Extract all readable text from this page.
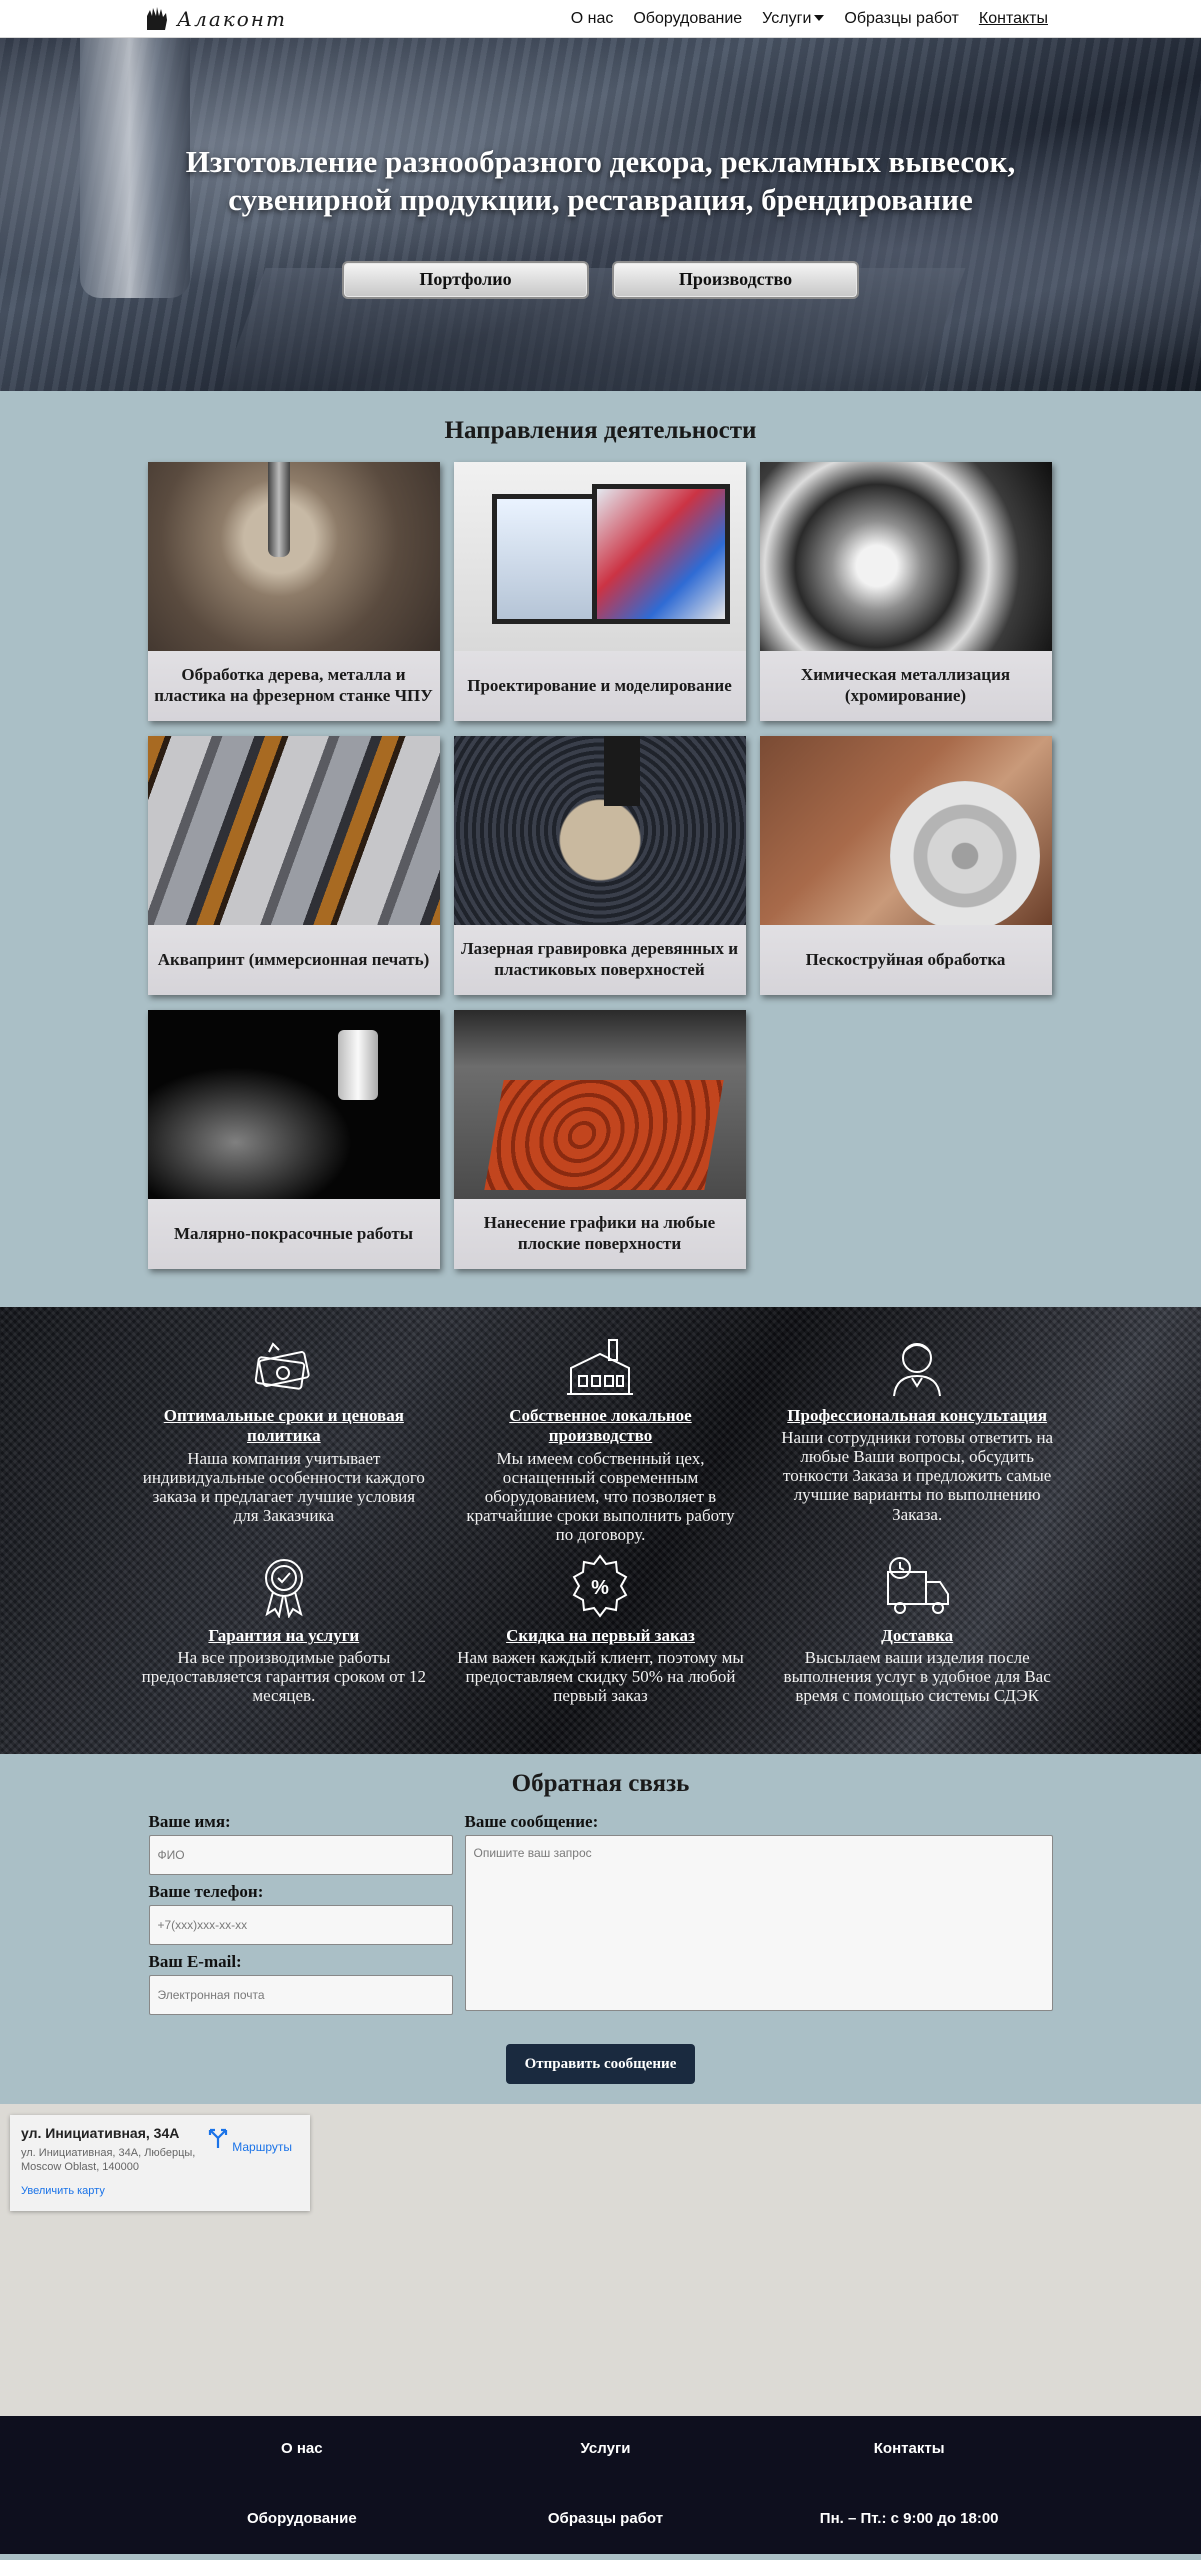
Алаконт	О нас Оборудование Услуги	Образцы работ Контакты
Изготовление разнообразного декора, рекламных вывесок, сувенирной продукции, реставрация, брендирование
Портфолио	Производство
Направления деятельности
Обработка дерева, металла и пластика на фрезерном станке ЧПУ
Проектирование и моделирование
Химическая металлизация (хромирование)
Аквапринт (иммерсионная печать)
Лазерная гравировка деревянных и пластиковых поверхностей
Пескоструйная обработка
Малярно-покрасочные работы
Нанесение графики на любые плоские поверхности
Оптимальные сроки и ценовая политика
Наша компания учитывает индивидуальные особенности каждого заказа и предлагает лучшие условия для Заказчика
Собственное локальное производство
Мы имеем собственный цех, оснащенный современным оборудованием, что позволяет в кратчайшие сроки выполнить работу по договору.
Профессиональная консультация
Наши сотрудники готовы ответить на любые Ваши вопросы, обсудить тонкости Заказа и предложить самые лучшие варианты по выполнению Заказа.
Гарантия на услуги
На все производимые работы предоставляется гарантия сроком от 12 месяцев.
%
Скидка на первый заказ
Нам важен каждый клиент, поэтому мы предоставляем скидку 50% на любой первый заказ
Доставка
Высылаем ваши изделия после выполнения услуг в удобное для Вас время с помощью системы СДЭК
Обратная связь
Ваше имя:
ФИО
Ваше телефон:
+7(xxx)xxx-xx-xx
Ваш E-mail:
Электронная почта
Ваше сообщение:
Опишите ваш запрос
Отправить сообщение
ул. Инициативная, 34А
ул. Инициативная, 34А, Люберцы, Moscow Oblast, 140000
Увеличить карту
Маршруты
О нас	Услуги	Контакты
Оборудование	Образцы работ	Пн. – Пт.: с 9:00 до 18:00
